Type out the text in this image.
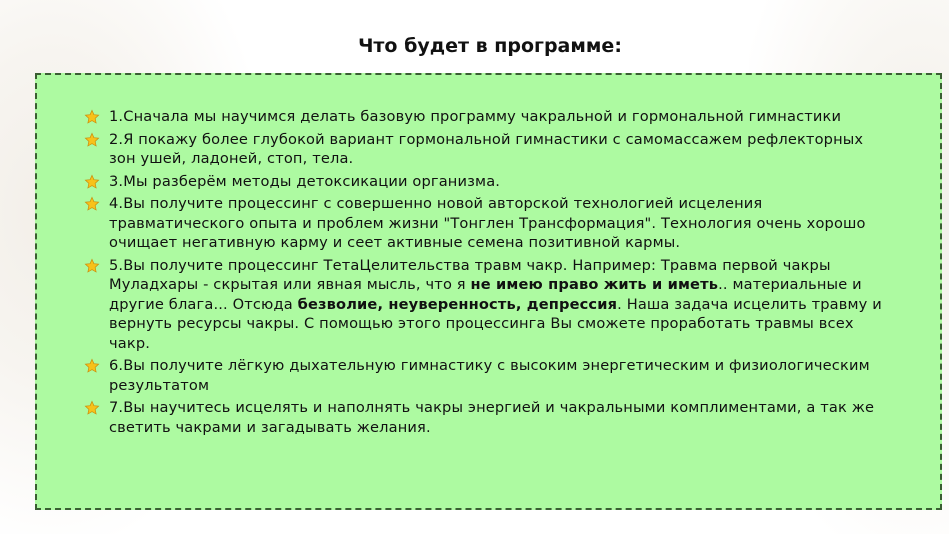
Что будет в программе:
1.Сначала мы научимся делать базовую программу чакральной и гормональной гимнастики
2.Я покажу более глубокой вариант гормональной гимнастики с самомассажем рефлекторных зон ушей, ладоней, стоп, тела.
3.Мы разберём методы детоксикации организма.
4.Вы получите процессинг с совершенно новой авторской технологией исцеления травматического опыта и проблем жизни "Тонглен Трансформация". Технология очень хорошо очищает негативную карму и сеет активные семена позитивной кармы.
5.Вы получите процессинг ТетаЦелительства травм чакр. Например: Травма первой чакры Муладхары - скрытая или явная мысль, что я не имею право жить и иметь.. материальные и другие блага... Отсюда безволие, неуверенность, депрессия. Наша задача исцелить травму и вернуть ресурсы чакры. С помощью этого процессинга Вы сможете проработать травмы всех чакр.
6.Вы получите лёгкую дыхательную гимнастику с высоким энергетическим и физиологическим результатом
7.Вы научитесь исцелять и наполнять чакры энергией и чакральными комплиментами, а так же светить чакрами и загадывать желания.
